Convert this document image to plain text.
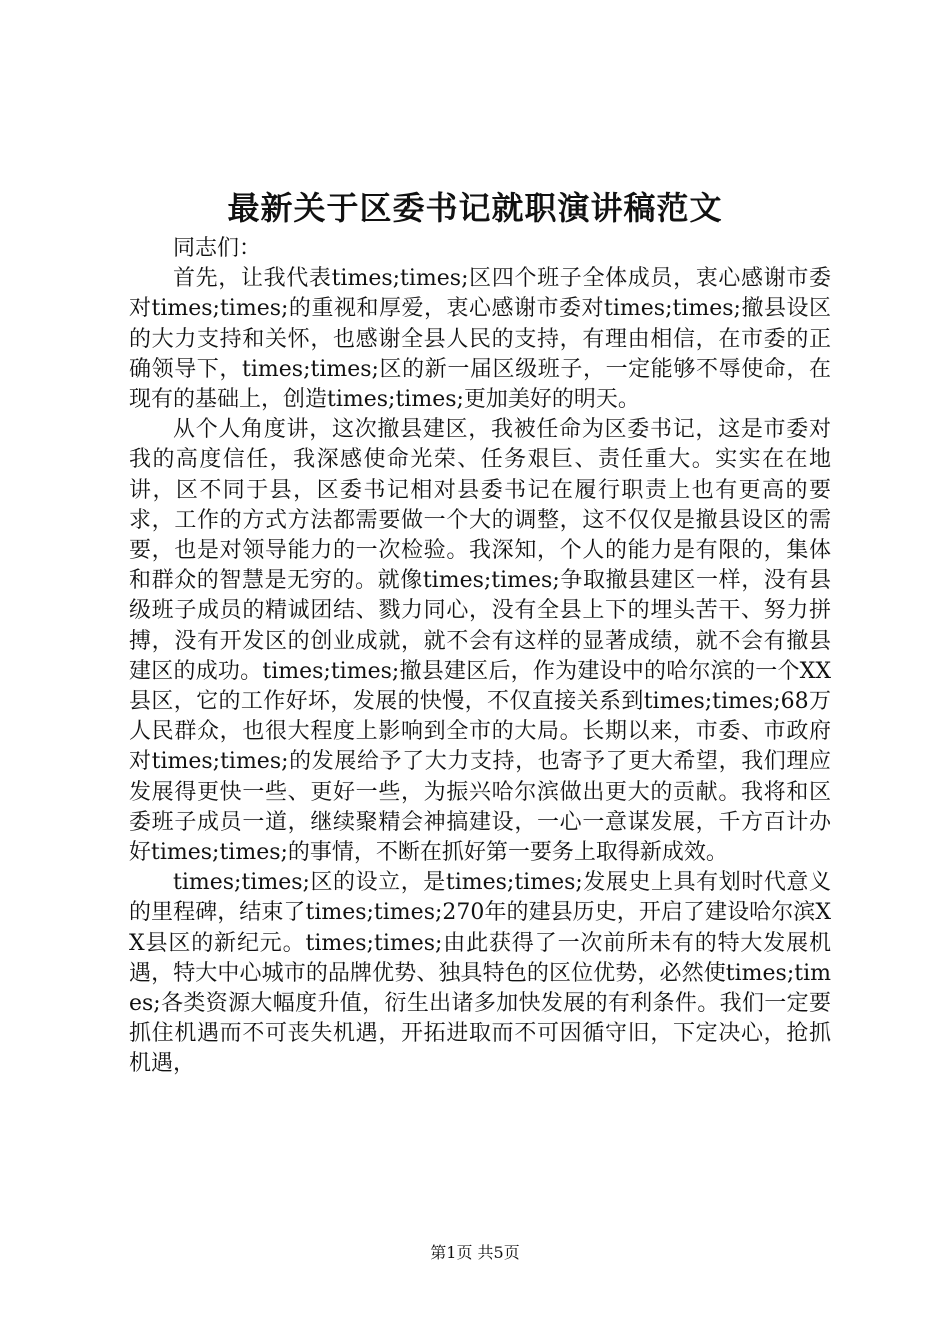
最新关于区委书记就职演讲稿范文

同志们：

首先，让我代表times;times;区四个班子全体成员，衷心感谢市委对times;times;的重视和厚爱，衷心感谢市委对times;times;撤县设区的大力支持和关怀，也感谢全县人民的支持，有理由相信，在市委的正确领导下，times;times;区的新一届区级班子，一定能够不辱使命，在现有的基础上，创造times;times;更加美好的明天。

从个人角度讲，这次撤县建区，我被任命为区委书记，这是市委对我的高度信任，我深感使命光荣、任务艰巨、责任重大。实实在在地讲，区不同于县，区委书记相对县委书记在履行职责上也有更高的要求，工作的方式方法都需要做一个大的调整，这不仅仅是撤县设区的需要，也是对领导能力的一次检验。我深知，个人的能力是有限的，集体和群众的智慧是无穷的。就像times;times;争取撤县建区一样，没有县级班子成员的精诚团结、戮力同心，没有全县上下的埋头苦干、努力拼搏，没有开发区的创业成就，就不会有这样的显著成绩，就不会有撤县建区的成功。times;times;撤县建区后，作为建设中的哈尔滨的一个XX县区，它的工作好坏，发展的快慢，不仅直接关系到times;times;68万人民群众，也很大程度上影响到全市的大局。长期以来，市委、市政府对times;times;的发展给予了大力支持，也寄予了更大希望，我们理应发展得更快一些、更好一些，为振兴哈尔滨做出更大的贡献。我将和区委班子成员一道，继续聚精会神搞建设，一心一意谋发展，千方百计办好times;times;的事情，不断在抓好第一要务上取得新成效。

times;times;区的设立，是times;times;发展史上具有划时代意义的里程碑，结束了times;times;270年的建县历史，开启了建设哈尔滨XX县区的新纪元。times;times;由此获得了一次前所未有的特大发展机遇，特大中心城市的品牌优势、独具特色的区位优势，必然使times;times;各类资源大幅度升值，衍生出诸多加快发展的有利条件。我们一定要抓住机遇而不可丧失机遇，开拓进取而不可因循守旧，下定决心，抢抓机遇，

第1页 共5页
